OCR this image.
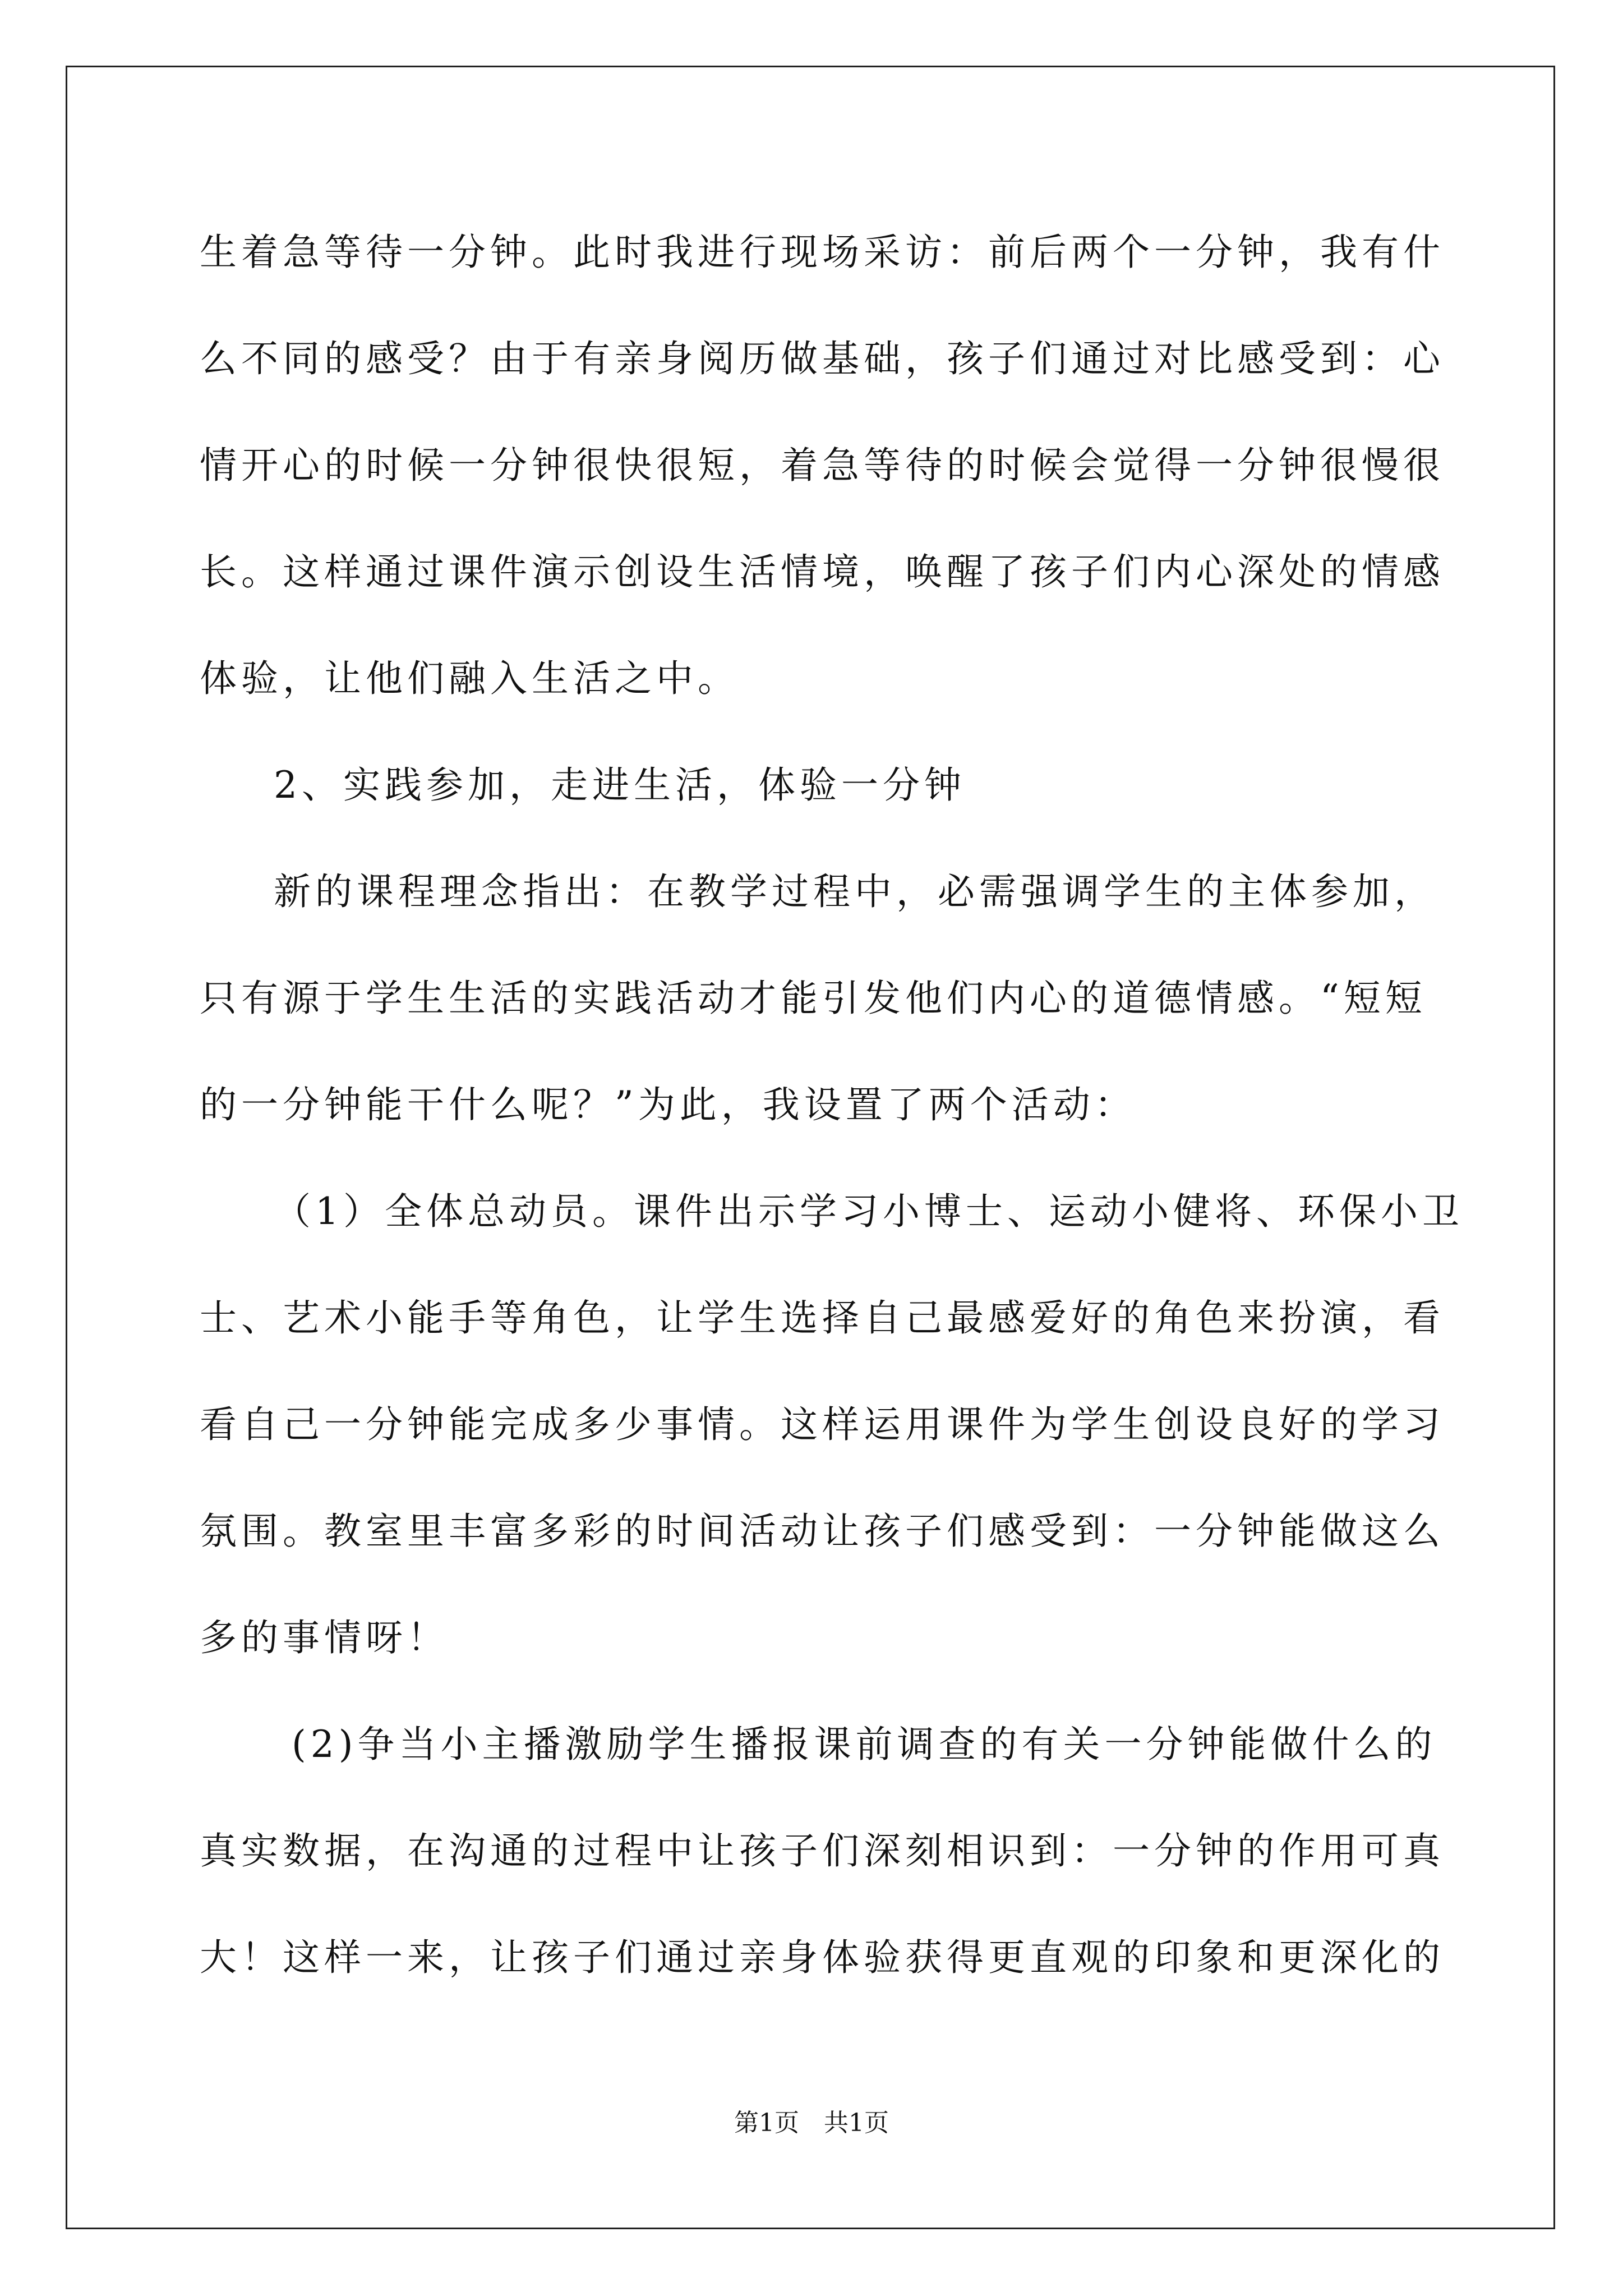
生着急等待一分钟。此时我进行现场采访：前后两个一分钟，我有什
么不同的感受？由于有亲身阅历做基础，孩子们通过对比感受到：心
情开心的时候一分钟很快很短，着急等待的时候会觉得一分钟很慢很
长。这样通过课件演示创设生活情境，唤醒了孩子们内心深处的情感
体验，让他们融入生活之中。
2、实践参加，走进生活，体验一分钟
新的课程理念指出：在教学过程中，必需强调学生的主体参加，
只有源于学生生活的实践活动才能引发他们内心的道德情感。“短短
的一分钟能干什么呢？”为此，我设置了两个活动：
（1）全体总动员。课件出示学习小博士、运动小健将、环保小卫
士、艺术小能手等角色，让学生选择自己最感爱好的角色来扮演，看
看自己一分钟能完成多少事情。这样运用课件为学生创设良好的学习
氛围。教室里丰富多彩的时间活动让孩子们感受到：一分钟能做这么
多的事情呀！
(2)争当小主播激励学生播报课前调查的有关一分钟能做什么的
真实数据，在沟通的过程中让孩子们深刻相识到：一分钟的作用可真
大！这样一来，让孩子们通过亲身体验获得更直观的印象和更深化的
第1页　共1页
